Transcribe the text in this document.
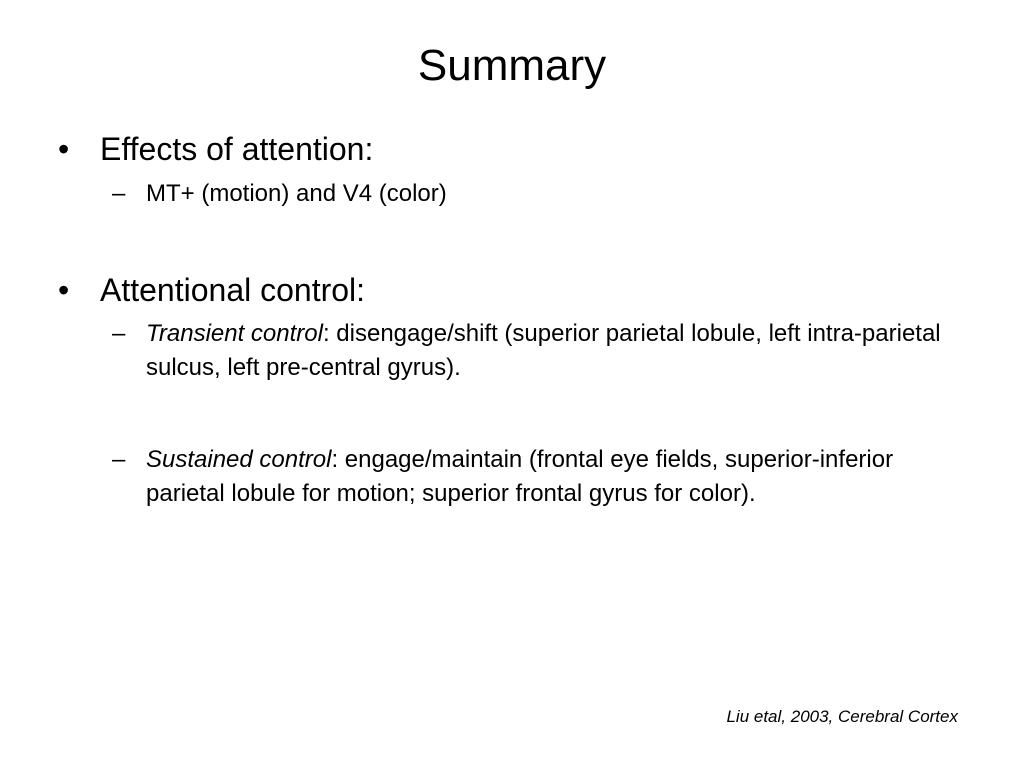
Summary
• Effects of attention:
– MT+ (motion) and V4 (color)
• Attentional control:
– Transient control: disengage/shift (superior parietal lobule, left intra-parietal sulcus, left pre-central gyrus).
– Sustained control: engage/maintain (frontal eye fields, superior-inferior parietal lobule for motion; superior frontal gyrus for color).
Liu etal, 2003, Cerebral Cortex
